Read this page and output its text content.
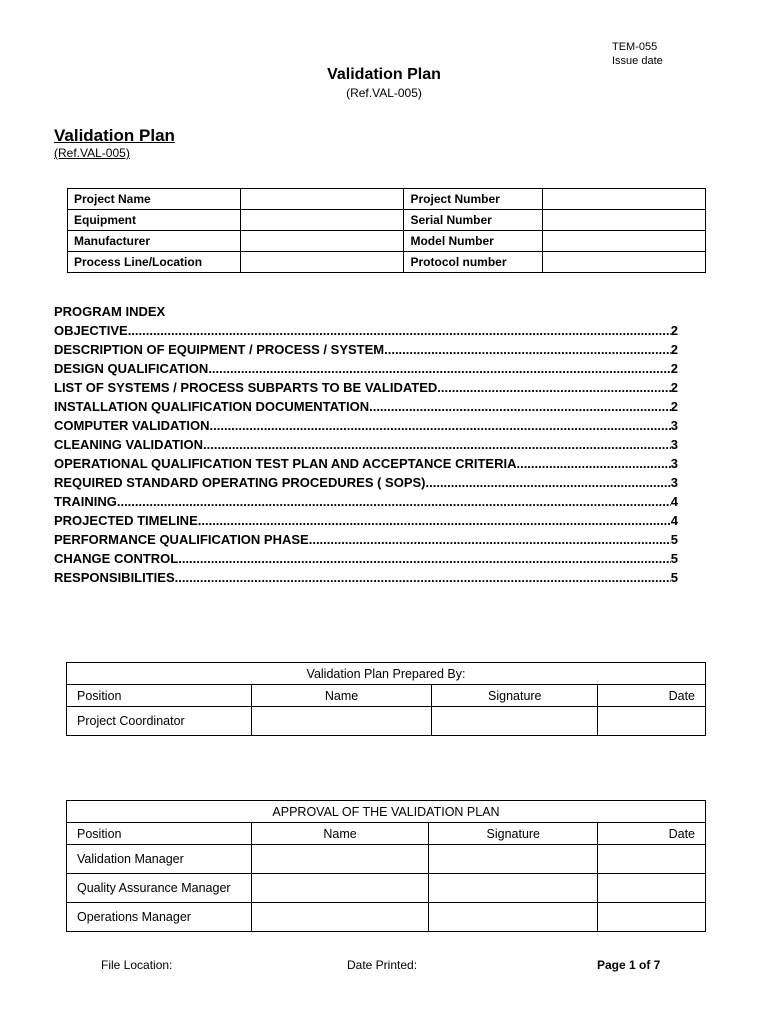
TEM-055
Issue date
Validation Plan
(Ref.VAL-005)
Validation Plan
(Ref.VAL-005)
Project Name		Project Number	
Equipment		Serial Number	
Manufacturer		Model Number	
Process Line/Location		Protocol number	
PROGRAM INDEX
OBJECTIVE .....	2
DESCRIPTION OF EQUIPMENT / PROCESS / SYSTEM .....	2
DESIGN QUALIFICATION .....	2
LIST OF SYSTEMS / PROCESS SUBPARTS TO BE VALIDATED .....	2
INSTALLATION QUALIFICATION DOCUMENTATION .....	2
COMPUTER VALIDATION .....	3
CLEANING VALIDATION .....	3
OPERATIONAL QUALIFICATION TEST PLAN AND ACCEPTANCE CRITERIA .....	3
REQUIRED STANDARD OPERATING PROCEDURES ( SOPS) .....	3
TRAINING .....	4
PROJECTED TIMELINE .....	4
PERFORMANCE QUALIFICATION PHASE .....	5
CHANGE CONTROL .....	5
RESPONSIBILITIES .....	5
Validation Plan Prepared By:			
Position	Name	Signature	Date
Project Coordinator			
APPROVAL OF THE VALIDATION PLAN			
Position	Name	Signature	Date
Validation Manager			
Quality Assurance Manager			
Operations Manager			
File Location:	Date Printed:	Page 1 of 7
